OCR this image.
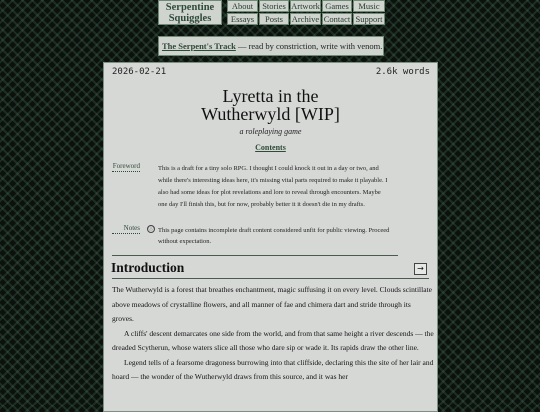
Serpentine
Squiggles
About	Stories Artwork Games	Music
Essays	Posts	Archive Contact Support
The Serpent's Track — read by constriction, write with venom.
2026-02-21	2.6k words
Lyretta in the
Wutherwyld [WIP]
a roleplaying game
Contents
Foreword	This is a draft for a tiny solo RPG. I thought I could knock it out in a day or two, and while there's interesting ideas here, it's missing vital parts required to make it playable. I also had some ideas for plot revelations and lore to reveal through encounters. Maybe one day I'll finish this, but for now, probably better it it doesn't die in my drafts.
Notes ⓘ This page contains incomplete draft content considered unfit for public viewing. Proceed without expectation.
Introduction	→

The Wutherwyld is a forest that breathes enchantment, magic suffusing it on every level. Clouds scintillate above meadows of crystalline flowers, and all manner of fae and chimera dart and stride through its groves.

A cliffs' descent demarcates one side from the world, and from that same height a river descends — the dreaded Scytherun, whose waters slice all those who dare sip or wade it. Its rapids draw the other line.

Legend tells of a fearsome dragoness burrowing into that cliffside, declaring this the site of her lair and hoard — the wonder of the Wutherwyld draws from this source, and it was her
